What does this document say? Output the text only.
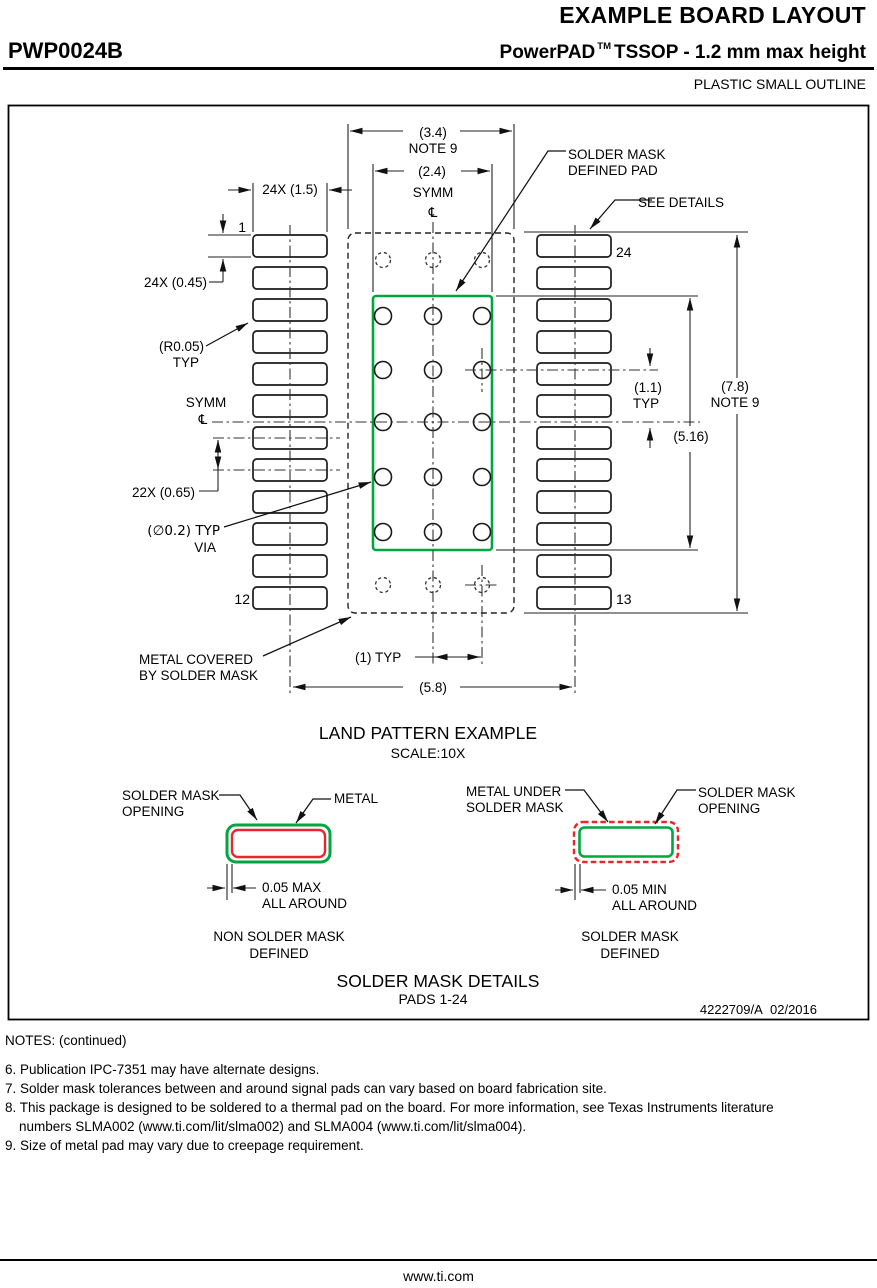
EXAMPLE BOARD LAYOUT
PWP0024B	PowerPAD ™ TSSOP - 1.2 mm max height
PLASTIC SMALL OUTLINE
(3.4)
NOTE 9
(2.4)
SYMM
℄
24X (1.5)
1
24
SOLDER MASK
DEFINED PAD
SEE DETAILS
24X (0.45)
(R0.05)
TYP
SYMM
℄
22X (0.65)
(∅0.2) TYP
VIA
(1.1)
TYP
(7.8)
NOTE 9
(5.16)
12	13
METAL COVERED
BY SOLDER MASK
(1) TYP
(5.8)
LAND PATTERN EXAMPLE
SCALE:10X
SOLDER MASK
OPENING
METAL
0.05 MAX
ALL AROUND
NON SOLDER MASK
DEFINED
METAL UNDER
SOLDER MASK
SOLDER MASK
OPENING
0.05 MIN
ALL AROUND
SOLDER MASK
DEFINED
SOLDER MASK DETAILS
PADS 1-24
4222709/A  02/2016
NOTES: (continued)
6. Publication IPC-7351 may have alternate designs.
7. Solder mask tolerances between and around signal pads can vary based on board fabrication site.
8. This package is designed to be soldered to a thermal pad on the board. For more information, see Texas Instruments literature
numbers SLMA002 (www.ti.com/lit/slma002) and SLMA004 (www.ti.com/lit/slma004).
9. Size of metal pad may vary due to creepage requirement.
www.ti.com
